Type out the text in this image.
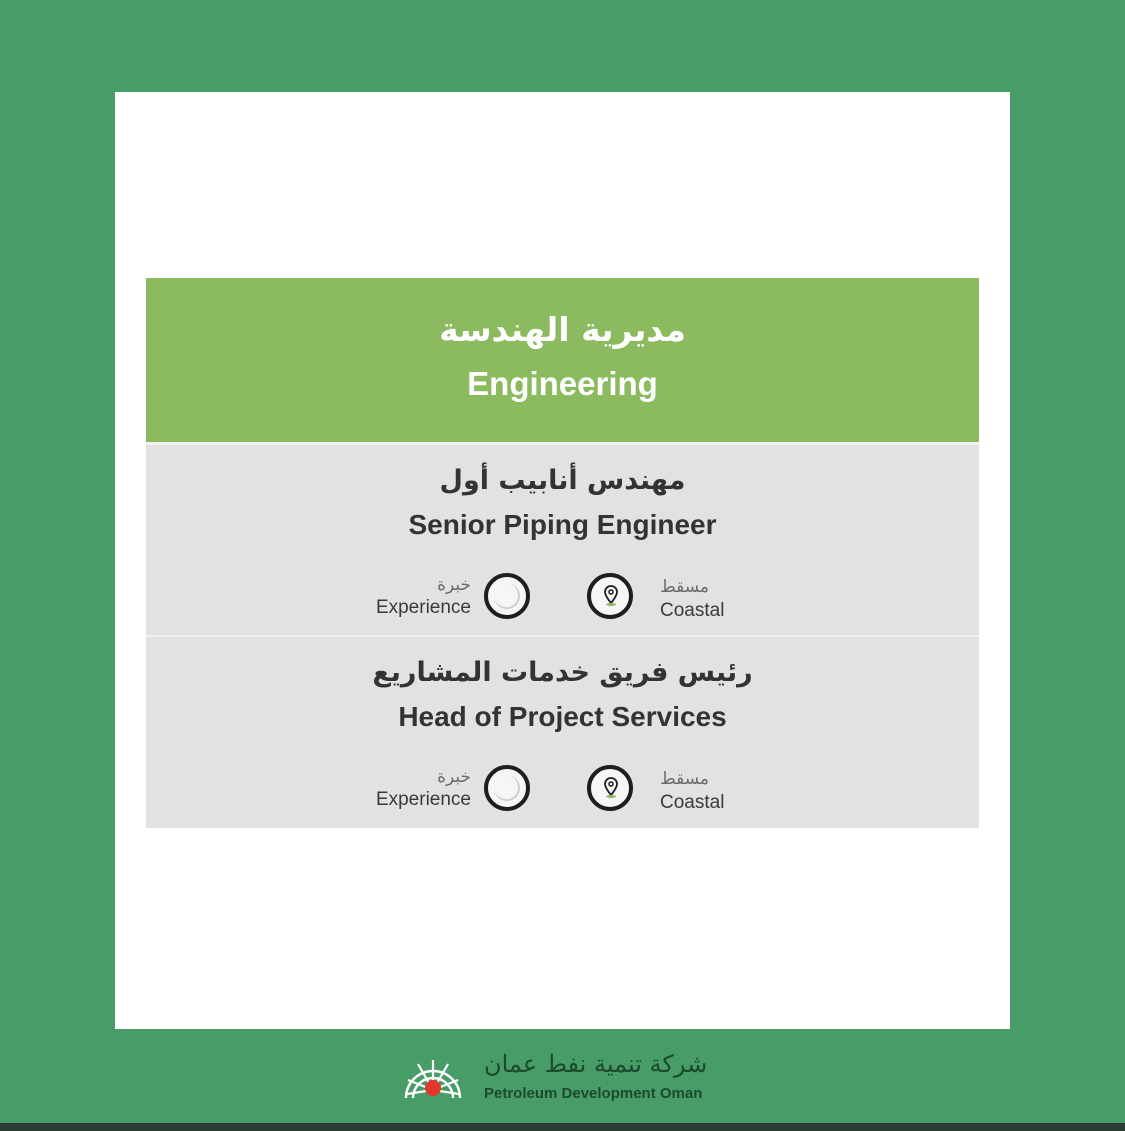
مديرية الهندسة
Engineering
مهندس أنابيب أول
Senior Piping Engineer
خبرة
Experience
مسقط
Coastal
رئيس فريق خدمات المشاريع
Head of Project Services
خبرة
Experience
مسقط
Coastal
شركة تنمية نفط عمان
Petroleum Development Oman
